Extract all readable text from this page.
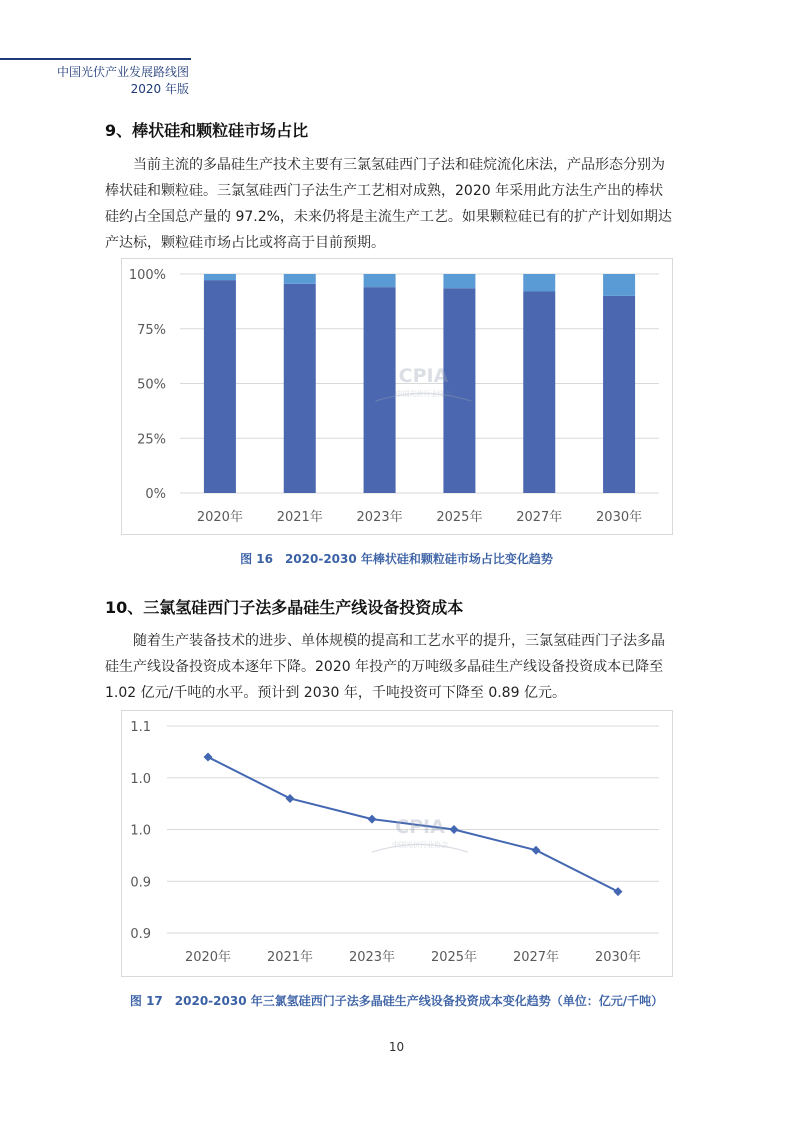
中国光伏产业发展路线图
2020 年版
9、棒状硅和颗粒硅市场占比
当前主流的多晶硅生产技术主要有三氯氢硅西门子法和硅烷流化床法，产品形态分别为棒状硅和颗粒硅。三氯氢硅西门子法生产工艺相对成熟，2020 年采用此方法生产出的棒状硅约占全国总产量的 97.2%，未来仍将是主流生产工艺。如果颗粒硅已有的扩产计划如期达产达标，颗粒硅市场占比或将高于目前预期。
0%
25%
50%
75%
100%
2020年	2021年	2023年	2025年	2027年	2030年
CPIA
中国光伏行业协会
图 16　2020-2030 年棒状硅和颗粒硅市场占比变化趋势
10、三氯氢硅西门子法多晶硅生产线设备投资成本
随着生产装备技术的进步、单体规模的提高和工艺水平的提升，三氯氢硅西门子法多晶硅生产线设备投资成本逐年下降。2020 年投产的万吨级多晶硅生产线设备投资成本已降至 1.02 亿元/千吨的水平。预计到 2030 年，千吨投资可下降至 0.89 亿元。
0.9
0.9
1.0
1.0
1.1
2020年	2021年	2023年	2025年	2027年	2030年
CPIA
中国光伏行业协会
图 17　2020-2030 年三氯氢硅西门子法多晶硅生产线设备投资成本变化趋势（单位：亿元/千吨）
10
